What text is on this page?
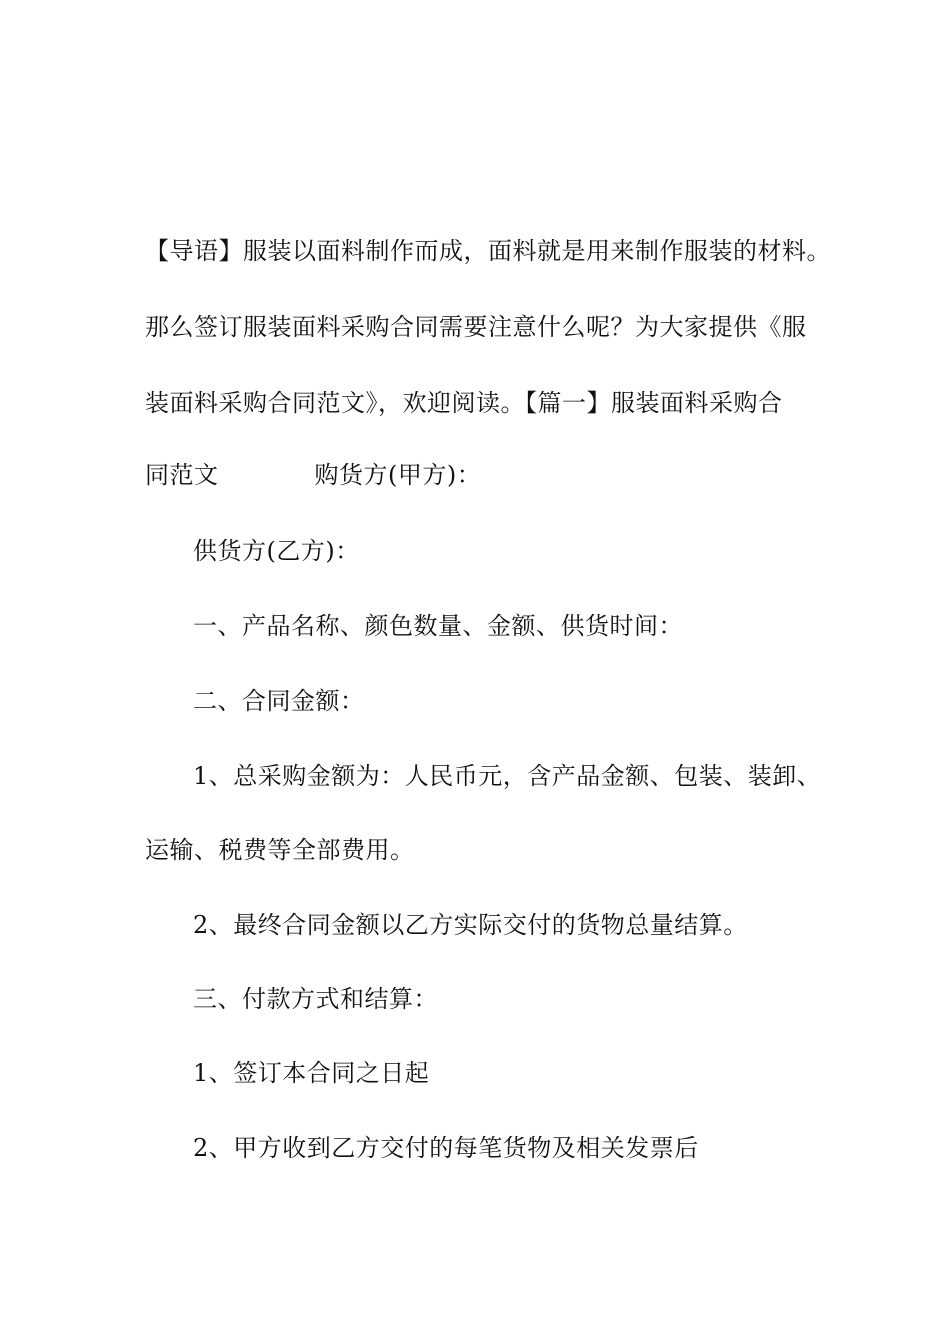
【导语】服装以面料制作而成，面料就是用来制作服装的材料。
那么签订服装面料采购合同需要注意什么呢？为大家提供《服
装面料采购合同范文》，欢迎阅读。【篇一】服装面料采购合
同范文	购货方(甲方)：
供货方(乙方)：
一、产品名称、颜色数量、金额、供货时间：
二、合同金额：
1、总采购金额为：人民币元，含产品金额、包装、装卸、
运输、税费等全部费用。
2、最终合同金额以乙方实际交付的货物总量结算。
三、付款方式和结算：
1、签订本合同之日起
2、甲方收到乙方交付的每笔货物及相关发票后
